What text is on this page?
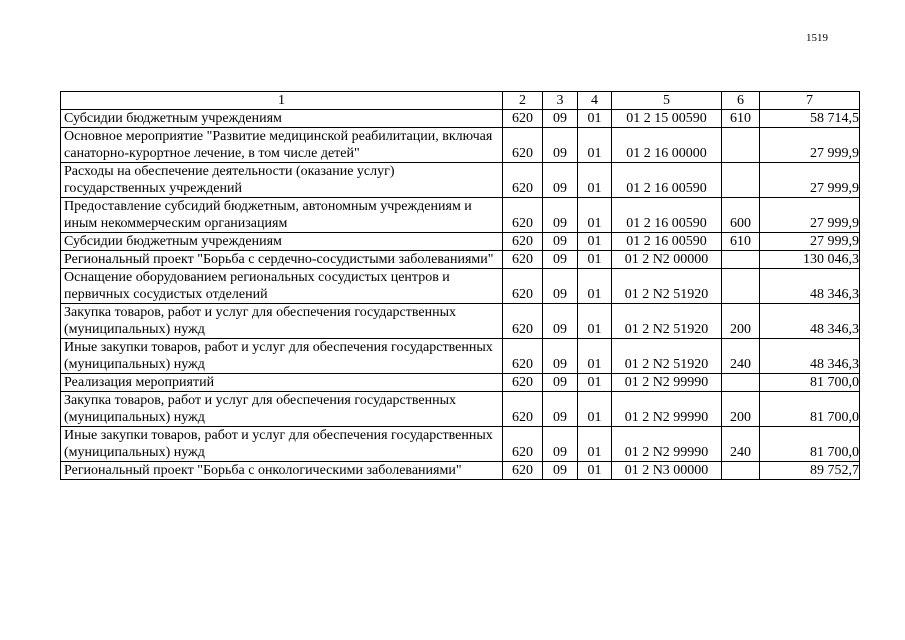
1519
1	2	3	4	5	6	7
Субсидии бюджетным учреждениям	620	09	01	01 2 15 00590	610	58 714,5
Основное мероприятие "Развитие медицинской реабилитации, включая санаторно-курортное лечение, в том числе детей"	620	09	01	01 2 16 00000		27 999,9
Расходы на обеспечение деятельности (оказание услуг) государственных учреждений	620	09	01	01 2 16 00590		27 999,9
Предоставление субсидий бюджетным, автономным учреждениям и иным некоммерческим организациям	620	09	01	01 2 16 00590	600	27 999,9
Субсидии бюджетным учреждениям	620	09	01	01 2 16 00590	610	27 999,9
Региональный проект "Борьба с сердечно-сосудистыми заболеваниями"	620	09	01	01 2 N2 00000		130 046,3
Оснащение оборудованием региональных сосудистых центров и первичных сосудистых отделений	620	09	01	01 2 N2 51920		48 346,3
Закупка товаров, работ и услуг для обеспечения государственных (муниципальных) нужд	620	09	01	01 2 N2 51920	200	48 346,3
Иные закупки товаров, работ и услуг для обеспечения государственных (муниципальных) нужд	620	09	01	01 2 N2 51920	240	48 346,3
Реализация мероприятий	620	09	01	01 2 N2 99990		81 700,0
Закупка товаров, работ и услуг для обеспечения государственных (муниципальных) нужд	620	09	01	01 2 N2 99990	200	81 700,0
Иные закупки товаров, работ и услуг для обеспечения государственных (муниципальных) нужд	620	09	01	01 2 N2 99990	240	81 700,0
Региональный проект "Борьба с онкологическими заболеваниями"	620	09	01	01 2 N3 00000		89 752,7
